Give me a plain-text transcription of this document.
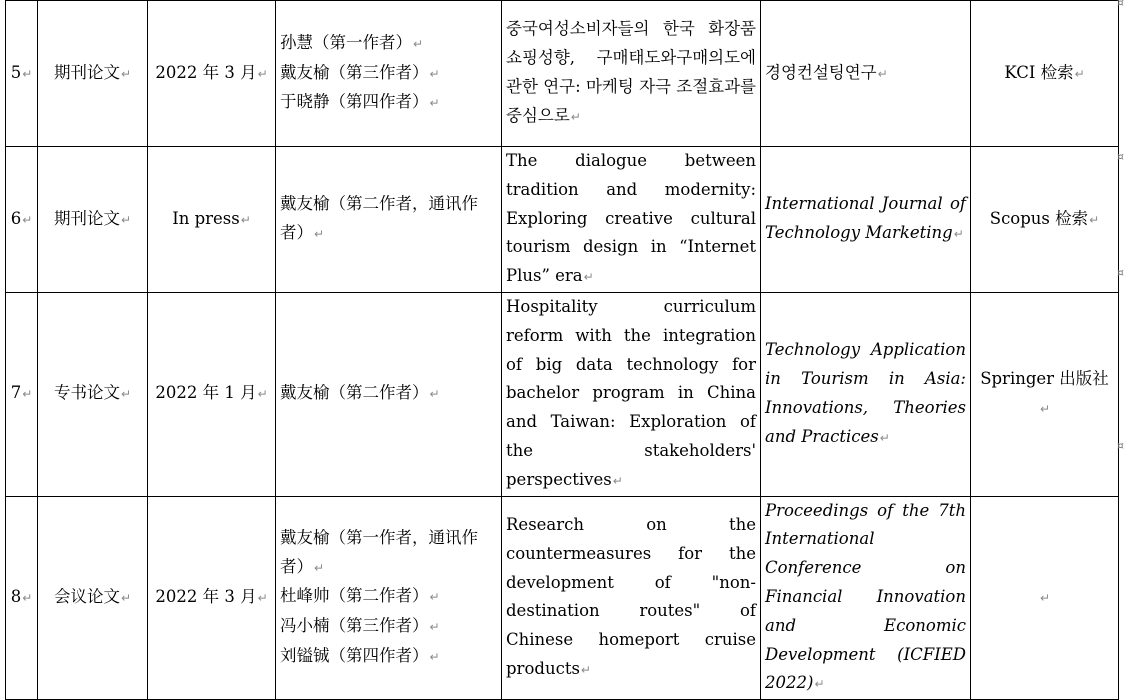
5↵	期刊论文↵	2022 年 3 月↵	孙慧（第一作者）↵
戴友榆（第三作者）↵
于晓静（第四作者）↵	중국여성소비자들의 한국 화장품 쇼핑성향, 구매태도와구매의도에 관한 연구: 마케팅 자극 조절효과를 중심으로↵	경영컨설팅연구↵	KCI 检索↵
6↵	期刊论文↵	In press↵	戴友榆（第二作者，通讯作者）↵	The dialogue between tradition and modernity: Exploring creative cultural tourism design in “Internet Plus” era↵	International Journal of Technology Marketing↵	Scopus 检索↵
7↵	专书论文↵	2022 年 1 月↵	戴友榆（第二作者）↵	Hospitality curriculum reform with the integration of big data technology for bachelor program in China and Taiwan: Exploration of the stakeholders' perspectives↵	Technology Application in Tourism in Asia: Innovations, Theories and Practices↵	Springer 出版社↵
8↵	会议论文↵	2022 年 3 月↵	戴友榆（第一作者，通讯作者）↵
杜峰帅（第二作者）↵
冯小楠（第三作者）↵
刘镒铖（第四作者）↵	Research on the countermeasures for the development of "non-destination routes" of Chinese homeport cruise products↵	Proceedings of the 7th International Conference on Financial Innovation and Economic Development (ICFIED 2022)↵	↵
¤
¤
¤
¤
